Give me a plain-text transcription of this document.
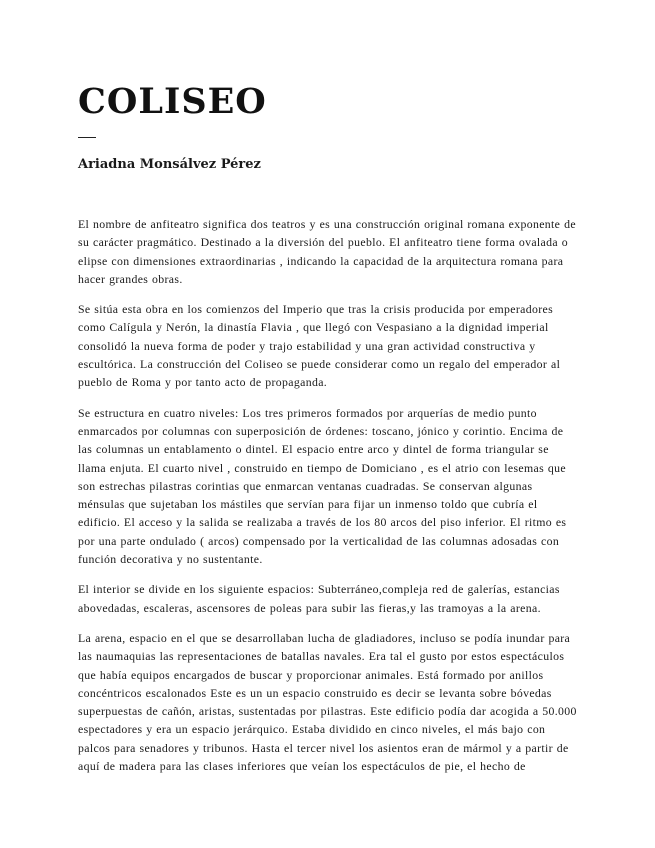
COLISEO

Ariadna Monsálvez Pérez

El nombre de anfiteatro significa dos teatros y es una construcción original romana exponente de su carácter pragmático. Destinado a la diversión del pueblo. El anfiteatro tiene forma ovalada o elipse con dimensiones extraordinarias , indicando la capacidad de la arquitectura romana para hacer grandes obras.

Se sitúa esta obra en los comienzos del Imperio que tras la crisis producida por emperadores como Calígula y Nerón, la dinastía Flavia , que llegó con Vespasiano a la dignidad imperial consolidó la nueva forma de poder y trajo estabilidad y una gran actividad constructiva y escultórica. La construcción del Coliseo se puede considerar como un regalo del emperador al pueblo de Roma y por tanto acto de propaganda.

Se estructura en cuatro niveles: Los tres primeros formados por arquerías de medio punto enmarcados por columnas con superposición de órdenes: toscano, jónico y corintio. Encima de las columnas un entablamento o dintel. El espacio entre arco y dintel de forma triangular se llama enjuta. El cuarto nivel , construido en tiempo de Domiciano , es el atrio con lesemas que son estrechas pilastras corintias que enmarcan ventanas cuadradas. Se conservan algunas ménsulas que sujetaban los mástiles que servían para fijar un inmenso toldo que cubría el edificio. El acceso y la salida se realizaba a través de los 80 arcos del piso inferior. El ritmo es por una parte ondulado ( arcos) compensado por la verticalidad de las columnas adosadas con función decorativa y no sustentante.

El interior se divide en los siguiente espacios: Subterráneo,compleja red de galerías, estancias abovedadas, escaleras, ascensores de poleas para subir las fieras,y las tramoyas a la arena.

La arena, espacio en el que se desarrollaban lucha de gladiadores, incluso se podía inundar para las naumaquias las representaciones de batallas navales. Era tal el gusto por estos espectáculos que había equipos encargados de buscar y proporcionar animales. Está formado por anillos concéntricos escalonados Este es un un espacio construido es decir se levanta sobre bóvedas superpuestas de cañón, aristas, sustentadas por pilastras. Este edificio podía dar acogida a 50.000 espectadores y era un espacio jerárquico. Estaba dividido en cinco niveles, el más bajo con palcos para senadores y tribunos. Hasta el tercer nivel los asientos eran de mármol y a partir de aquí de madera para las clases inferiores que veían los espectáculos de pie, el hecho de
